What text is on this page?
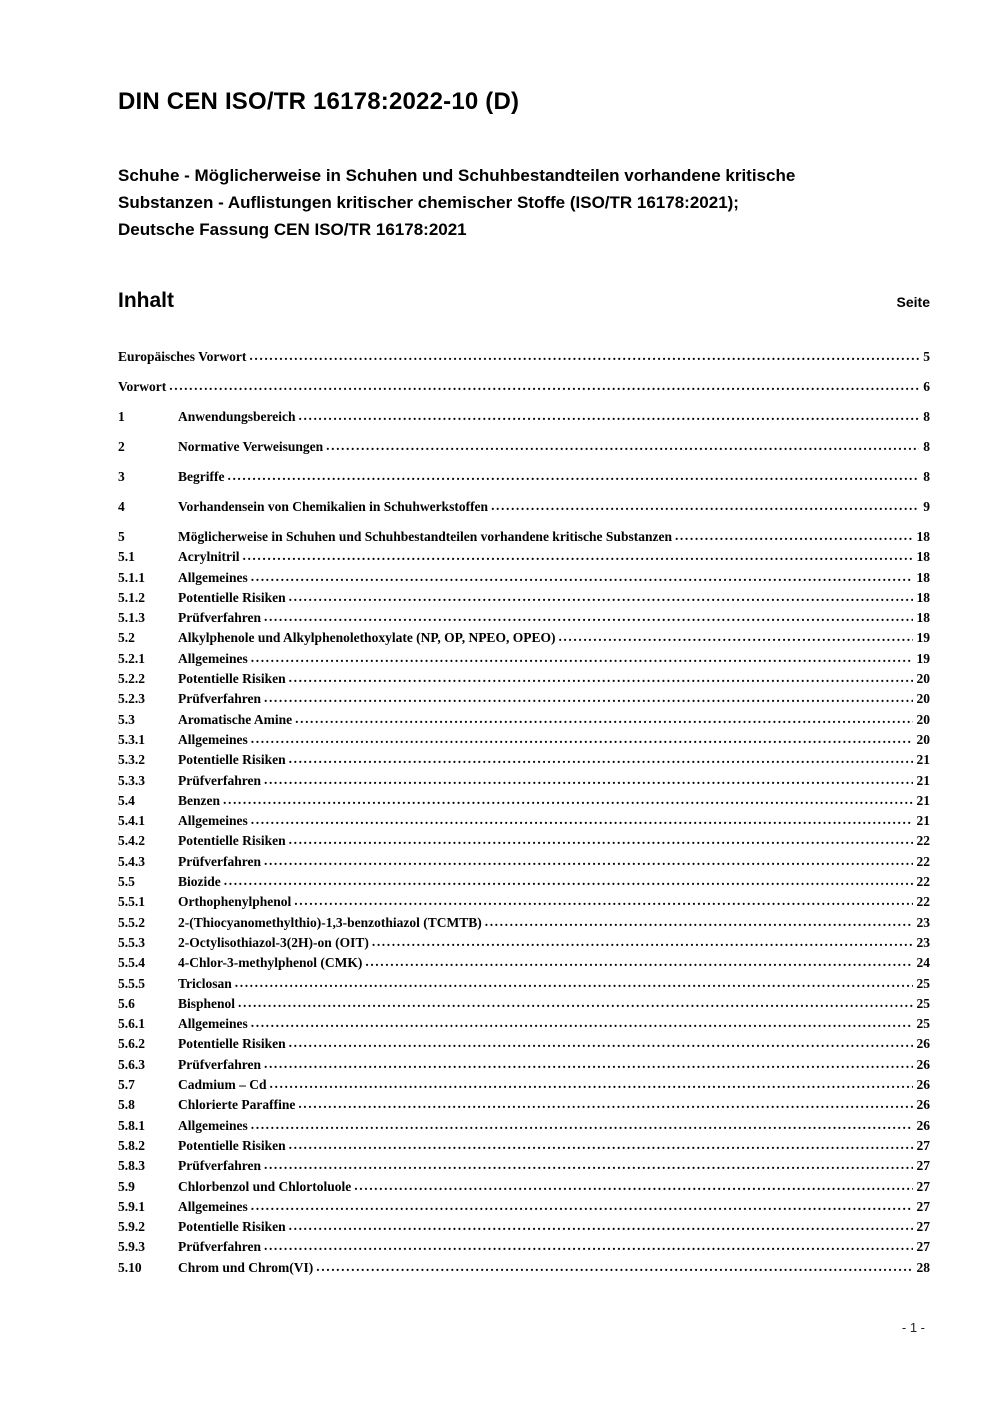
DIN CEN ISO/TR 16178:2022-10 (D)
Schuhe - Möglicherweise in Schuhen und Schuhbestandteilen vorhandene kritische
Substanzen - Auflistungen kritischer chemischer Stoffe (ISO/TR 16178:2021);
Deutsche Fassung CEN ISO/TR 16178:2021
Inhalt	Seite
Europäisches Vorwort .....	5
Vorwort .....	6
1	Anwendungsbereich .....	8
2	Normative Verweisungen .....	8
3	Begriffe .....	8
4	Vorhandensein von Chemikalien in Schuhwerkstoffen .....	9
5	Möglicherweise in Schuhen und Schuhbestandteilen vorhandene kritische Substanzen .....	18
5.1	Acrylnitril .....	18
5.1.1	Allgemeines .....	18
5.1.2	Potentielle Risiken .....	18
5.1.3	Prüfverfahren .....	18
5.2	Alkylphenole und Alkylphenolethoxylate (NP, OP, NPEO, OPEO) .....	19
5.2.1	Allgemeines .....	19
5.2.2	Potentielle Risiken .....	20
5.2.3	Prüfverfahren .....	20
5.3	Aromatische Amine .....	20
5.3.1	Allgemeines .....	20
5.3.2	Potentielle Risiken .....	21
5.3.3	Prüfverfahren .....	21
5.4	Benzen .....	21
5.4.1	Allgemeines .....	21
5.4.2	Potentielle Risiken .....	22
5.4.3	Prüfverfahren .....	22
5.5	Biozide .....	22
5.5.1	Orthophenylphenol .....	22
5.5.2	2-(Thiocyanomethylthio)-1,3-benzothiazol (TCMTB) .....	23
5.5.3	2-Octylisothiazol-3(2H)-on (OIT) .....	23
5.5.4	4-Chlor-3-methylphenol (CMK) .....	24
5.5.5	Triclosan .....	25
5.6	Bisphenol .....	25
5.6.1	Allgemeines .....	25
5.6.2	Potentielle Risiken .....	26
5.6.3	Prüfverfahren .....	26
5.7	Cadmium – Cd .....	26
5.8	Chlorierte Paraffine .....	26
5.8.1	Allgemeines .....	26
5.8.2	Potentielle Risiken .....	27
5.8.3	Prüfverfahren .....	27
5.9	Chlorbenzol und Chlortoluole .....	27
5.9.1	Allgemeines .....	27
5.9.2	Potentielle Risiken .....	27
5.9.3	Prüfverfahren .....	27
5.10	Chrom und Chrom(VI) .....	28
- 1 -
